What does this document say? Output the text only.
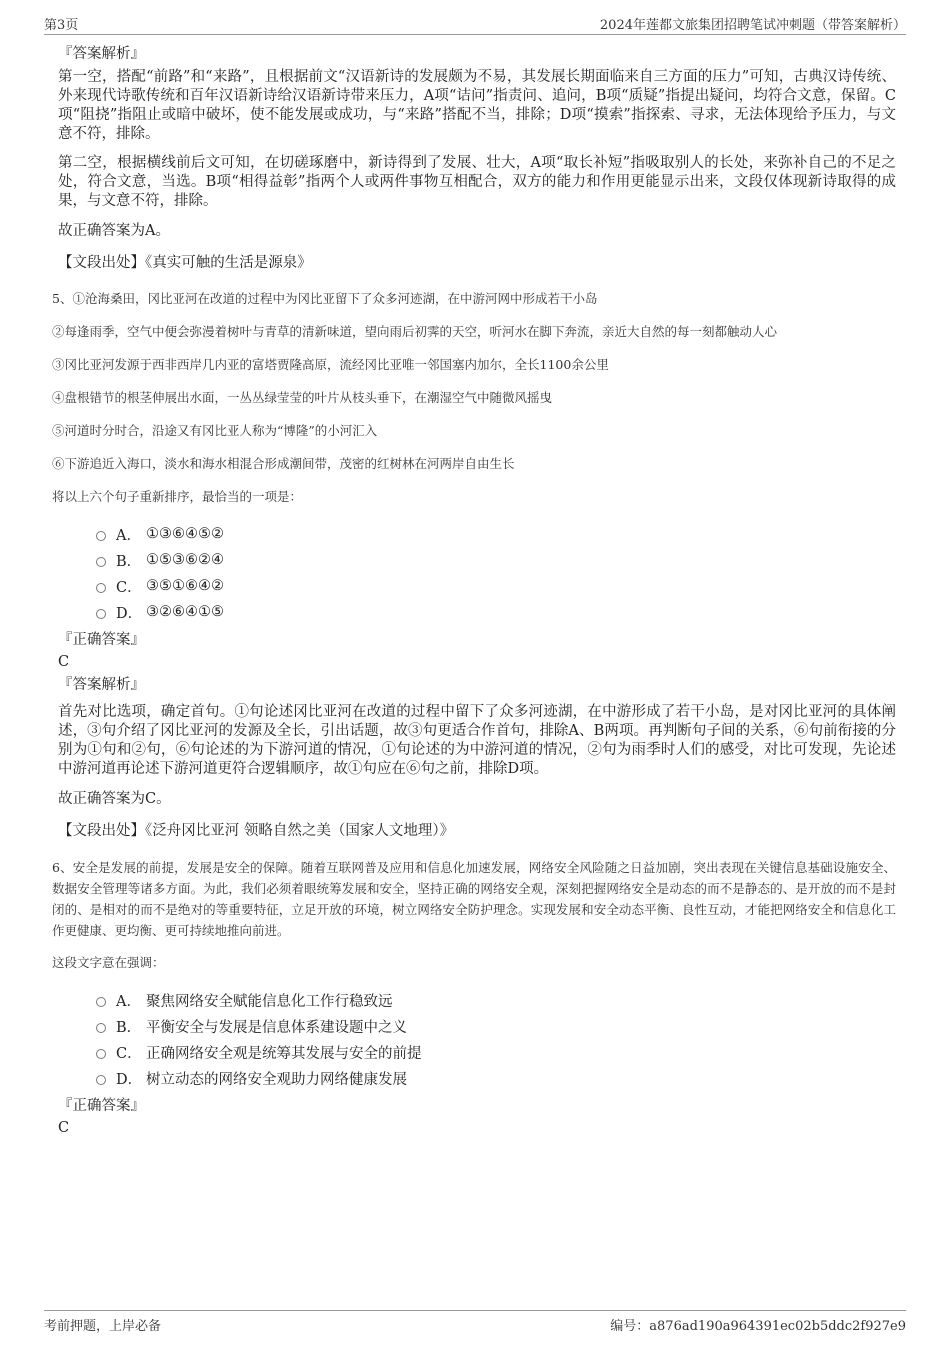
第3页	2024年莲都文旅集团招聘笔试冲刺题（带答案解析）
『答案解析』

第一空，搭配“前路”和“来路”，且根据前文“汉语新诗的发展颇为不易，其发展长期面临来自三方面的压力”可知，古典汉诗传统、外来现代诗歌传统和百年汉语新诗给汉语新诗带来压力，A项“诘问”指责问、追问，B项“质疑”指提出疑问，均符合文意，保留。C项“阻挠”指阻止或暗中破坏，使不能发展或成功，与“来路”搭配不当，排除；D项“摸索”指探索、寻求，无法体现给予压力，与文意不符，排除。

第二空，根据横线前后文可知，在切磋琢磨中，新诗得到了发展、壮大，A项“取长补短”指吸取别人的长处，来弥补自己的不足之处，符合文意，当选。B项“相得益彰”指两个人或两件事物互相配合，双方的能力和作用更能显示出来，文段仅体现新诗取得的成果，与文意不符，排除。

故正确答案为A。
【文段出处】《真实可触的生活是源泉》
5、①沧海桑田，冈比亚河在改道的过程中为冈比亚留下了众多河迹湖，在中游河网中形成若干小岛
②每逢雨季，空气中便会弥漫着树叶与青草的清新味道，望向雨后初霁的天空，听河水在脚下奔流，亲近大自然的每一刻都触动人心
③冈比亚河发源于西非西岸几内亚的富塔贾隆高原，流经冈比亚唯一邻国塞内加尔，全长1100余公里
④盘根错节的根茎伸展出水面，一丛丛绿莹莹的叶片从枝头垂下，在潮湿空气中随微风摇曳
⑤河道时分时合，沿途又有冈比亚人称为“博隆”的小河汇入
⑥下游追近入海口，淡水和海水相混合形成潮间带，茂密的红树林在河两岸自由生长
将以上六个句子重新排序，最恰当的一项是：
A． ①③⑥④⑤②
B． ①⑤③⑥②④
C． ③⑤①⑥④②
D． ③②⑥④①⑤
『正确答案』
C
『答案解析』

首先对比选项，确定首句。①句论述冈比亚河在改道的过程中留下了众多河迹湖，在中游形成了若干小岛，是对冈比亚河的具体阐述，③句介绍了冈比亚河的发源及全长，引出话题，故③句更适合作首句，排除A、B两项。再判断句子间的关系，⑥句前衔接的分别为①句和②句，⑥句论述的为下游河道的情况，①句论述的为中游河道的情况，②句为雨季时人们的感受，对比可发现，先论述中游河道再论述下游河道更符合逻辑顺序，故①句应在⑥句之前，排除D项。

故正确答案为C。
【文段出处】《泛舟冈比亚河 领略自然之美（国家人文地理）》
6、安全是发展的前提，发展是安全的保障。随着互联网普及应用和信息化加速发展，网络安全风险随之日益加剧，突出表现在关键信息基础设施安全、数据安全管理等诸多方面。为此，我们必须着眼统筹发展和安全，坚持正确的网络安全观，深刻把握网络安全是动态的而不是静态的、是开放的而不是封闭的、是相对的而不是绝对的等重要特征，立足开放的环境，树立网络安全防护理念。实现发展和安全动态平衡、良性互动，才能把网络安全和信息化工作更健康、更均衡、更可持续地推向前进。
这段文字意在强调：
A． 聚焦网络安全赋能信息化工作行稳致远
B． 平衡安全与发展是信息体系建设题中之义
C． 正确网络安全观是统筹其发展与安全的前提
D． 树立动态的网络安全观助力网络健康发展
『正确答案』
C
考前押题，上岸必备	编号：a876ad190a964391ec02b5ddc2f927e9
